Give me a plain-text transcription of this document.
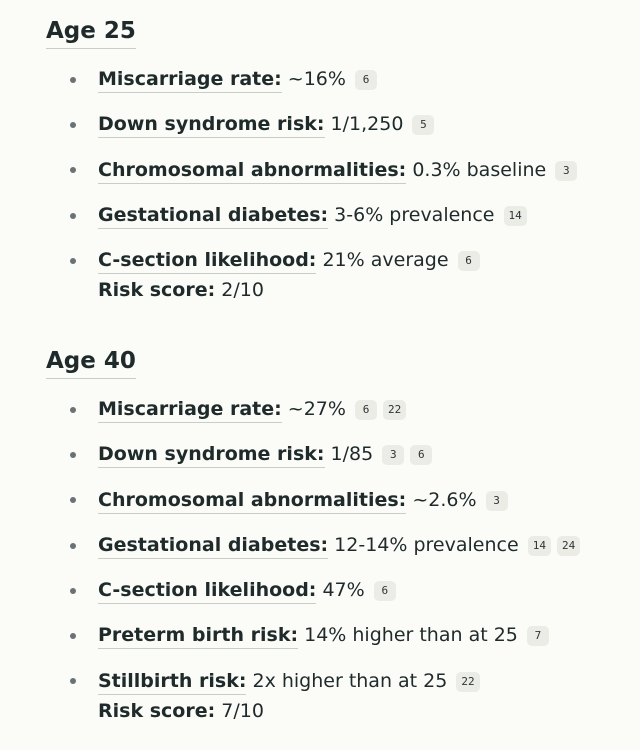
Age 25
Miscarriage rate: ~16% 6
Down syndrome risk: 1/1,250 5
Chromosomal abnormalities: 0.3% baseline 3
Gestational diabetes: 3-6% prevalence 14
C-section likelihood: 21% average 6
Risk score: 2/10
Age 40
Miscarriage rate: ~27% 6 22
Down syndrome risk: 1/85 3 6
Chromosomal abnormalities: ~2.6% 3
Gestational diabetes: 12-14% prevalence 14 24
C-section likelihood: 47% 6
Preterm birth risk: 14% higher than at 25 7
Stillbirth risk: 2x higher than at 25 22
Risk score: 7/10
